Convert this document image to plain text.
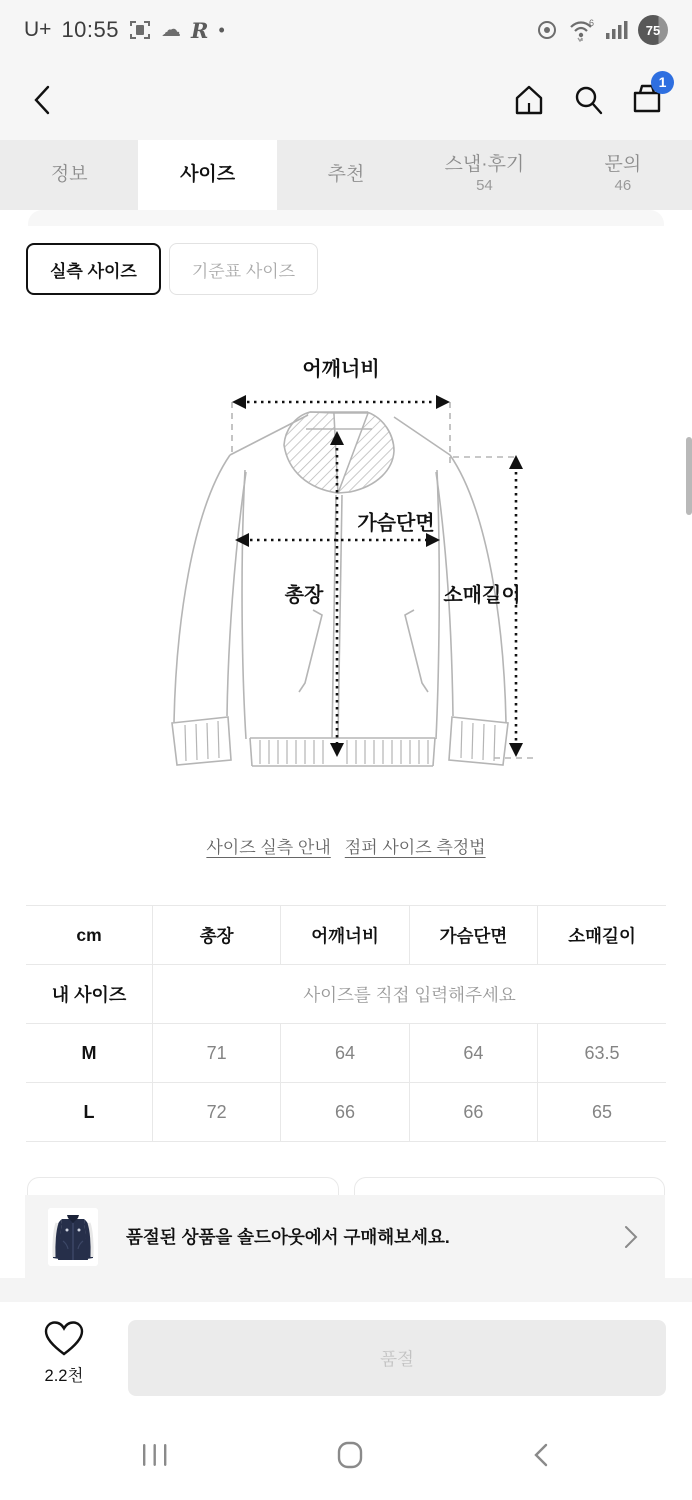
U+ 10:55 ☁ R •	6	75
1
정보	사이즈	추천	스냅·후기
54
문의
46
실측 사이즈	기준표 사이즈
어깨너비
가슴단면
총장	소매길이
사이즈 실측 안내 점퍼 사이즈 측정법
cm	총장	어깨너비	가슴단면	소매길이
내 사이즈	사이즈를 직접 입력해주세요			
M	71	64	64	63.5
L	72	66	66	65
품절된 상품을 솔드아웃에서 구매해보세요.
2.2천
품절
